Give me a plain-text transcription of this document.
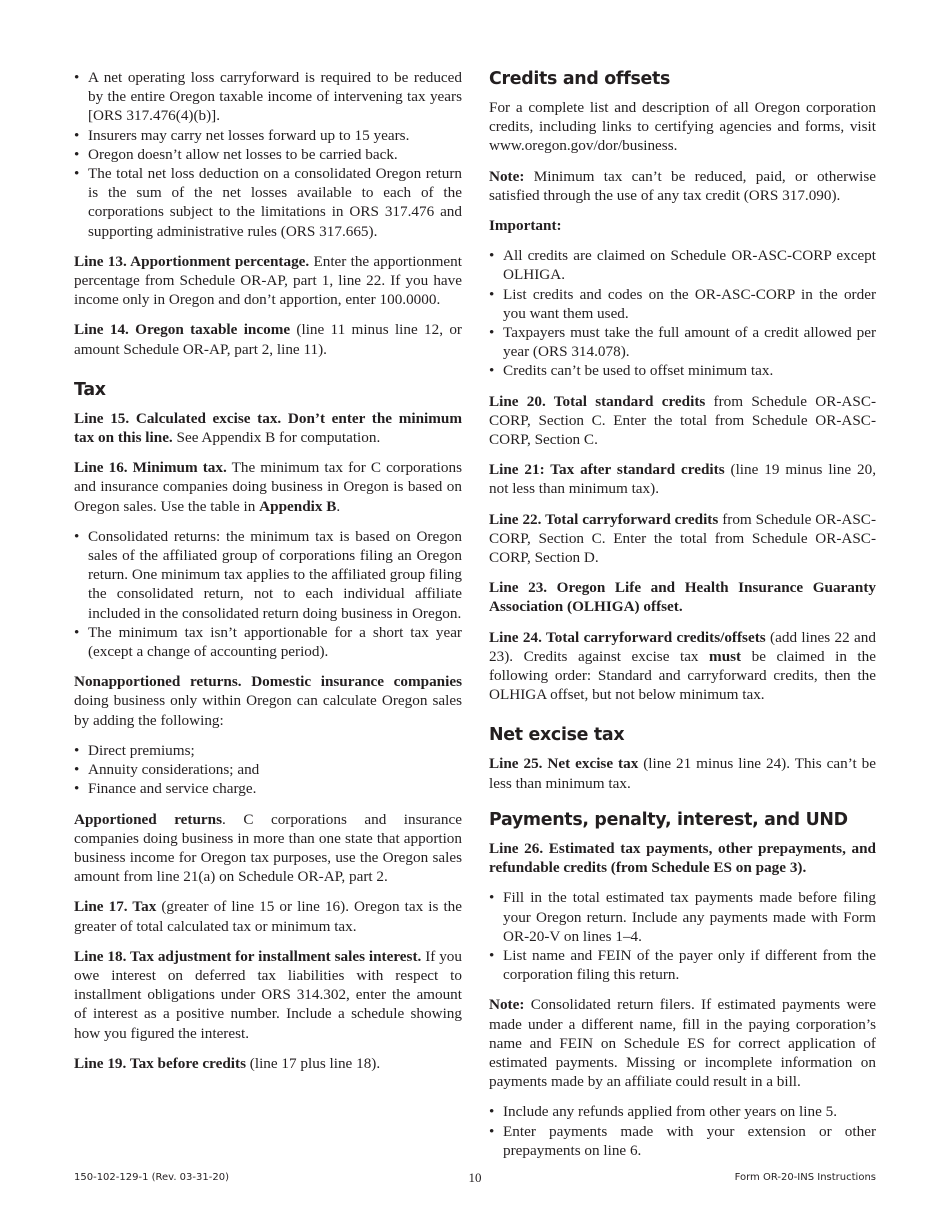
• A net operating loss carryforward is required to be reduced by the entire Oregon taxable income of intervening tax years [ORS 317.476(4)(b)].
• Insurers may carry net losses forward up to 15 years.
• Oregon doesn’t allow net losses to be carried back.
• The total net loss deduction on a consolidated Oregon return is the sum of the net losses available to each of the corporations subject to the limitations in ORS 317.476 and supporting administrative rules (ORS 317.665).

Line 13. Apportionment percentage. Enter the apportionment percentage from Schedule OR-AP, part 1, line 22. If you have income only in Oregon and don’t apportion, enter 100.0000.

Line 14. Oregon taxable income (line 11 minus line 12, or amount Schedule OR-AP, part 2, line 11).

Tax

Line 15. Calculated excise tax. Don’t enter the minimum tax on this line. See Appendix B for computation.

Line 16. Minimum tax. The minimum tax for C corporations and insurance companies doing business in Oregon is based on Oregon sales. Use the table in Appendix B.

• Consolidated returns: the minimum tax is based on Oregon sales of the affiliated group of corporations filing an Oregon return. One minimum tax applies to the affiliated group filing the consolidated return, not to each individual affiliate included in the consolidated return doing business in Oregon.
• The minimum tax isn’t apportionable for a short tax year (except a change of accounting period).

Nonapportioned returns. Domestic insurance companies doing business only within Oregon can calculate Oregon sales by adding the following:

• Direct premiums;
• Annuity considerations; and
• Finance and service charge.

Apportioned returns. C corporations and insurance companies doing business in more than one state that apportion business income for Oregon tax purposes, use the Oregon sales amount from line 21(a) on Schedule OR-AP, part 2.

Line 17. Tax (greater of line 15 or line 16). Oregon tax is the greater of total calculated tax or minimum tax.

Line 18. Tax adjustment for installment sales interest. If you owe interest on deferred tax liabilities with respect to installment obligations under ORS 314.302, enter the amount of interest as a positive number. Include a schedule showing how you figured the interest.

Line 19. Tax before credits (line 17 plus line 18).

Credits and offsets

For a complete list and description of all Oregon corporation credits, including links to certifying agencies and forms, visit www.oregon.gov/dor/business.

Note: Minimum tax can’t be reduced, paid, or otherwise satisfied through the use of any tax credit (ORS 317.090).

Important:

• All credits are claimed on Schedule OR-ASC-CORP except OLHIGA.
• List credits and codes on the OR-ASC-CORP in the order you want them used.
• Taxpayers must take the full amount of a credit allowed per year (ORS 314.078).
• Credits can’t be used to offset minimum tax.

Line 20. Total standard credits from Schedule OR-ASC-CORP, Section C. Enter the total from Schedule OR-ASC-CORP, Section C.

Line 21: Tax after standard credits (line 19 minus line 20, not less than minimum tax).

Line 22. Total carryforward credits from Schedule OR-ASC-CORP, Section C. Enter the total from Schedule OR-ASC-CORP, Section D.

Line 23. Oregon Life and Health Insurance Guaranty Association (OLHIGA) offset.

Line 24. Total carryforward credits/offsets (add lines 22 and 23). Credits against excise tax must be claimed in the following order: Standard and carryforward credits, then the OLHIGA offset, but not below minimum tax.

Net excise tax

Line 25. Net excise tax (line 21 minus line 24). This can’t be less than minimum tax.

Payments, penalty, interest, and UND

Line 26. Estimated tax payments, other prepayments, and refundable credits (from Schedule ES on page 3).

• Fill in the total estimated tax payments made before filing your Oregon return. Include any payments made with Form OR-20-V on lines 1–4.
• List name and FEIN of the payer only if different from the corporation filing this return.

Note: Consolidated return filers. If estimated payments were made under a different name, fill in the paying corporation’s name and FEIN on Schedule ES for correct application of estimated payments. Missing or incomplete information on payments made by an affiliate could result in a bill.

• Include any refunds applied from other years on line 5.
• Enter payments made with your extension or other prepayments on line 6.
150-102-129-1 (Rev. 03-31-20)	10	Form OR-20-INS Instructions
